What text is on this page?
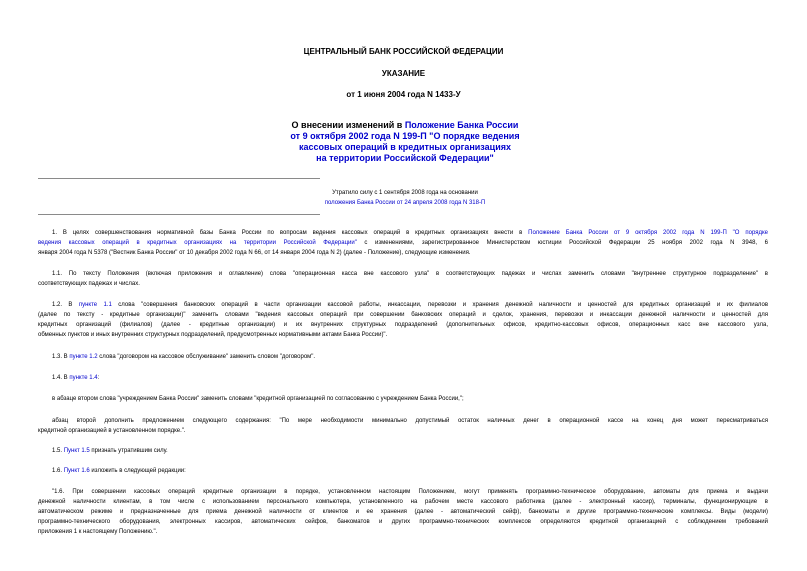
ЦЕНТРАЛЬНЫЙ БАНК РОССИЙСКОЙ ФЕДЕРАЦИИ
УКАЗАНИЕ
от 1 июня 2004 года N 1433-У
О внесении изменений в Положение Банка России
от 9 октября 2002 года N 199-П "О порядке ведения
кассовых операций в кредитных организациях
на территории Российской Федерации"
Утратило силу с 1 сентября 2008 года на основании
положения Банка России от 24 апреля 2008 года N 318-П
1. В целях совершенствования нормативной базы Банка России по вопросам ведения кассовых операций в кредитных организациях внести в Положение Банка России от 9 октября 2002 года N 199-П "О порядке
ведения кассовых операций в кредитных организациях на территории Российской Федерации" с изменениями, зарегистрированное Министерством юстиции Российской Федерации 25 ноября 2002 года N 3948, 6
января 2004 года N 5378 ("Вестник Банка России" от 10 декабря 2002 года N 66, от 14 января 2004 года N 2) (далее - Положение), следующие изменения.
1.1. По тексту Положения (включая приложения и оглавление) слова "операционная касса вне кассового узла" в соответствующих падежах и числах заменить словами "внутреннее структурное подразделение" в
соответствующих падежах и числах.
1.2. В пункте 1.1 слова "совершения банковских операций в части организации кассовой работы, инкассации, перевозки и хранения денежной наличности и ценностей для кредитных организаций и их филиалов
(далее по тексту - кредитные организации)" заменить словами "ведения кассовых операций при совершении банковских операций и сделок, хранения, перевозки и инкассации денежной наличности и ценностей для
кредитных организаций (филиалов) (далее - кредитные организации) и их внутренних структурных подразделений (дополнительных офисов, кредитно-кассовых офисов, операционных касс вне кассового узла,
обменных пунктов и иных внутренних структурных подразделений, предусмотренных нормативными актами Банка России)".
1.3. В пункте 1.2 слова "договором на кассовое обслуживание" заменить словом "договором".
1.4. В пункте 1.4:
в абзаце втором слова "учреждением Банка России" заменить словами "кредитной организацией по согласованию с учреждением Банка России,";
абзац второй дополнить предложением следующего содержания: "По мере необходимости минимально допустимый остаток наличных денег в операционной кассе на конец дня может пересматриваться
кредитной организацией в установленном порядке.".
1.5. Пункт 1.5 признать утратившим силу.
1.6. Пункт 1.6 изложить в следующей редакции:
"1.6. При совершении кассовых операций кредитные организации в порядке, установленном настоящим Положением, могут применять программно-техническое оборудование, автоматы для приема и выдачи
денежной наличности клиентам, в том числе с использованием персонального компьютера, установленного на рабочем месте кассового работника (далее - электронный кассир), терминалы, функционирующие в
автоматическом режиме и предназначенные для приема денежной наличности от клиентов и ее хранения (далее - автоматический сейф), банкоматы и другие программно-технические комплексы. Виды (модели)
программно-технического оборудования, электронных кассиров, автоматических сейфов, банкоматов и других программно-технических комплексов определяются кредитной организацией с соблюдением требований
приложения 1 к настоящему Положению.".
